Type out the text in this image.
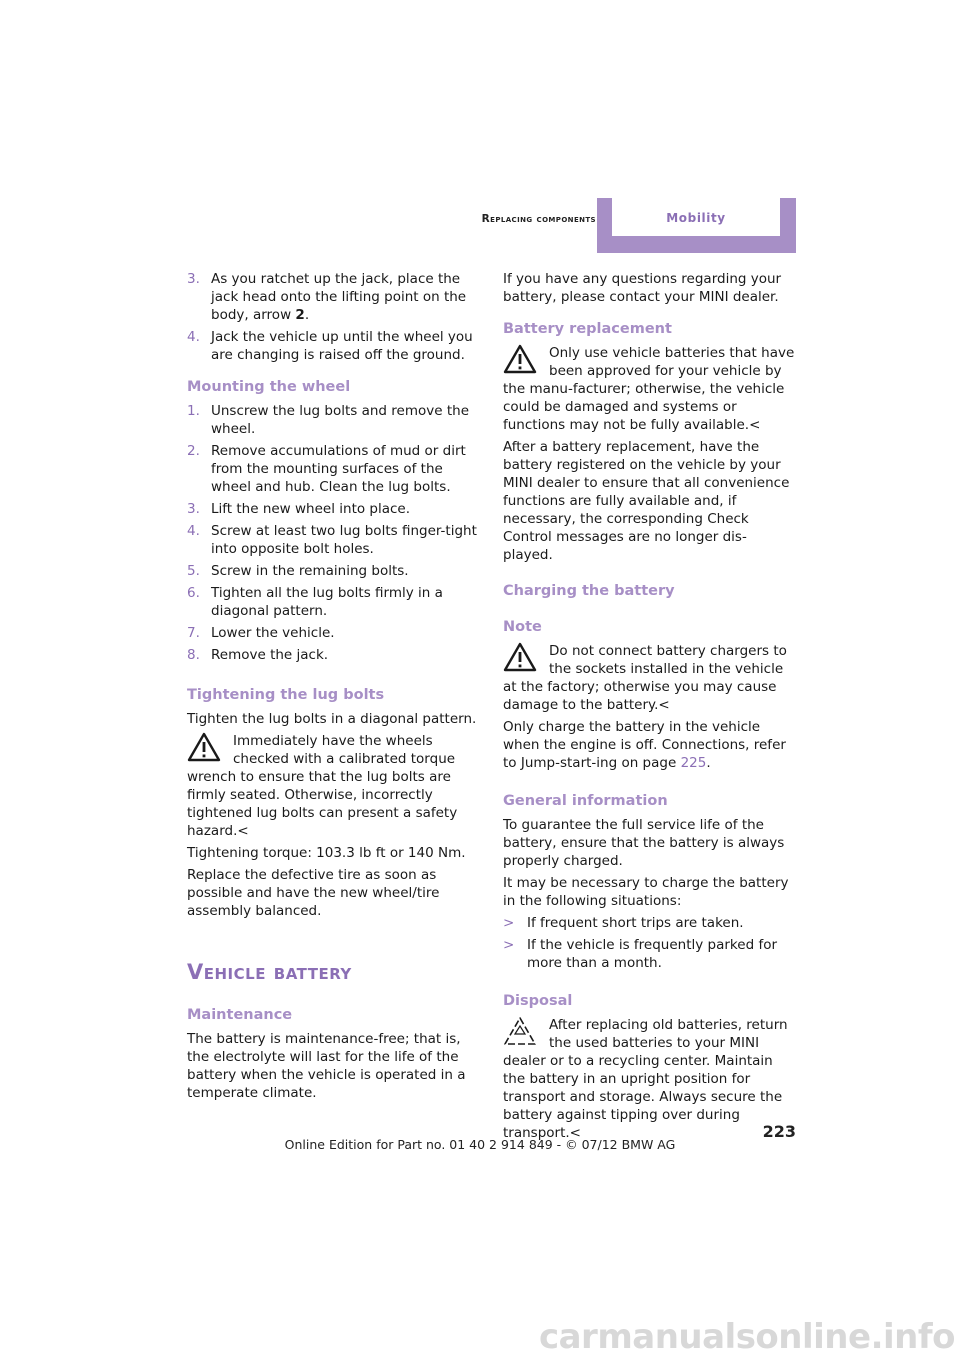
Replacing components	Mobility
3. As you ratchet up the jack, place the jack head onto the lifting point on the body, arrow 2.
4. Jack the vehicle up until the wheel you are changing is raised off the ground.
Mounting the wheel
1. Unscrew the lug bolts and remove the wheel.
2. Remove accumulations of mud or dirt from the mounting surfaces of the wheel and hub. Clean the lug bolts.
3. Lift the new wheel into place.
4. Screw at least two lug bolts finger-tight into opposite bolt holes.
5. Screw in the remaining bolts.
6. Tighten all the lug bolts firmly in a diagonal pattern.
7. Lower the vehicle.
8. Remove the jack.
Tightening the lug bolts

Tighten the lug bolts in a diagonal pattern.

Immediately have the wheels checked with a calibrated torque wrench to ensure that the lug bolts are firmly seated. Otherwise, incorrectly tightened lug bolts can present a safety hazard.<

Tightening torque: 103.3 lb ft or 140 Nm.

Replace the defective tire as soon as possible and have the new wheel/tire assembly balanced.

Vehicle battery
Maintenance

The battery is maintenance-free; that is, the electrolyte will last for the life of the battery when the vehicle is operated in a temperate climate.

If you have any questions regarding your battery, please contact your MINI dealer.

Battery replacement
Only use vehicle batteries that have been approved for your vehicle by the manu-facturer; otherwise, the vehicle could be damaged and systems or functions may not be fully available.<

After a battery replacement, have the battery registered on the vehicle by your MINI dealer to ensure that all convenience functions are fully available and, if necessary, the corresponding Check Control messages are no longer dis-played.

Charging the battery
Note
Do not connect battery chargers to the sockets installed in the vehicle at the factory; otherwise you may cause damage to the battery.<

Only charge the battery in the vehicle when the engine is off. Connections, refer to Jump-start-ing on page 225.

General information

To guarantee the full service life of the battery, ensure that the battery is always properly charged.

It may be necessary to charge the battery in the following situations:

> If frequent short trips are taken.
> If the vehicle is frequently parked for more than a month.
Disposal
After replacing old batteries, return the used batteries to your MINI dealer or to a recycling center. Maintain the battery in an upright position for transport and storage. Always secure the battery against tipping over during transport.<	223
Online Edition for Part no. 01 40 2 914 849 - © 07/12 BMW AG
carmanualsonline.info
